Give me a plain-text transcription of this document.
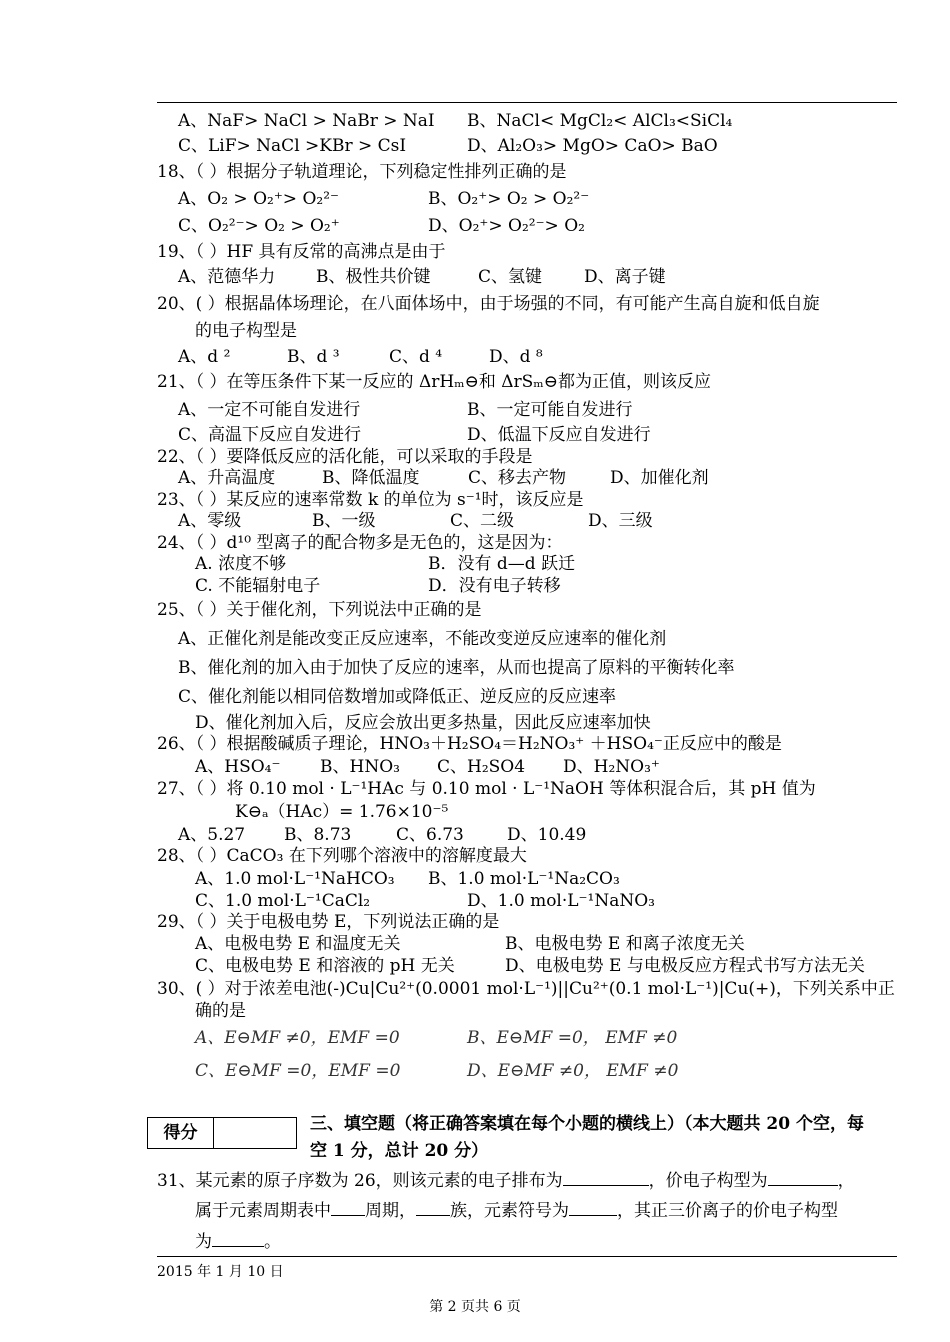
A、NaF> NaCl > NaBr > NaI B、NaCl< MgCl₂< AlCl₃<SiCl₄
C、LiF> NaCl >KBr > CsI	D、Al₂O₃> MgO> CaO> BaO
18、（ ）根据分子轨道理论，下列稳定性排列正确的是
A、O₂ > O₂⁺> O₂²⁻	B、O₂⁺> O₂ > O₂²⁻
C、O₂²⁻> O₂ > O₂⁺	D、O₂⁺> O₂²⁻> O₂
19、（ ）HF 具有反常的高沸点是由于
A、范德华力 B、极性共价键	C、氢键 D、离子键
20、( ）根据晶体场理论，在八面体场中，由于场强的不同，有可能产生高自旋和低自旋
的电子构型是
A、d ²	B、d ³	C、d ⁴	D、d ⁸
21、（ ）在等压条件下某一反应的 ΔrHₘ⊖和 ΔrSₘ⊖都为正值，则该反应
A、一定不可能自发进行	B、一定可能自发进行
C、高温下反应自发进行	D、低温下反应自发进行
22、（ ）要降低反应的活化能，可以采取的手段是
A、升高温度	B、降低温度	C、移去产物	D、加催化剂
23、（ ）某反应的速率常数 k 的单位为 s⁻¹时，该反应是
A、零级	B、一级	C、二级	D、三级
24、（ ）d¹⁰ 型离子的配合物多是无色的，这是因为：
A. 浓度不够	B．没有 d—d 跃迁
C. 不能辐射电子	D．没有电子转移
25、（ ）关于催化剂，下列说法中正确的是
A、正催化剂是能改变正反应速率，不能改变逆反应速率的催化剂
B、催化剂的加入由于加快了反应的速率，从而也提高了原料的平衡转化率
C、催化剂能以相同倍数增加或降低正、逆反应的反应速率
D、催化剂加入后，反应会放出更多热量，因此反应速率加快
26、（ ）根据酸碱质子理论，HNO₃＋H₂SO₄＝H₂NO₃⁺ ＋HSO₄⁻正反应中的酸是
A、HSO₄⁻ B、HNO₃ C、H₂SO4 D、H₂NO₃⁺
27、（ ）将 0.10 mol · L⁻¹HAc 与 0.10 mol · L⁻¹NaOH 等体积混合后，其 pH 值为
K⊖ₐ（HAc）= 1.76×10⁻⁵
A、5.27 B、8.73	C、6.73	D、10.49
28、（ ）CaCO₃ 在下列哪个溶液中的溶解度最大
A、1.0 mol·L⁻¹NaHCO₃ B、1.0 mol·L⁻¹Na₂CO₃
C、1.0 mol·L⁻¹CaCl₂	D、1.0 mol·L⁻¹NaNO₃
29、（ ）关于电极电势 E，下列说法正确的是
A、电极电势 E 和温度无关	B、电极电势 E 和离子浓度无关
C、电极电势 E 和溶液的 pH 无关	D、电极电势 E 与电极反应方程式书写方法无关
30、( ）对于浓差电池(-)Cu|Cu²⁺(0.0001 mol·L⁻¹)||Cu²⁺(0.1 mol·L⁻¹)|Cu(+)，下列关系中正
确的是
A、E⊖MF ≠0，EMF =0	B、E⊖MF =0， EMF ≠0
C、E⊖MF =0，EMF =0	D、E⊖MF ≠0， EMF ≠0
得分	三、填空题（将正确答案填在每个小题的横线上）（本大题共 20 个空，每
空 1 分，总计 20 分）
31、某元素的原子序数为 26，则该元素的电子排布为	，价电子构型为	，
属于元素周期表中 周期， 族，元素符号为	，其正三价离子的价电子构型
为	。
2015 年 1 月 10 日
第 2 页共 6 页
